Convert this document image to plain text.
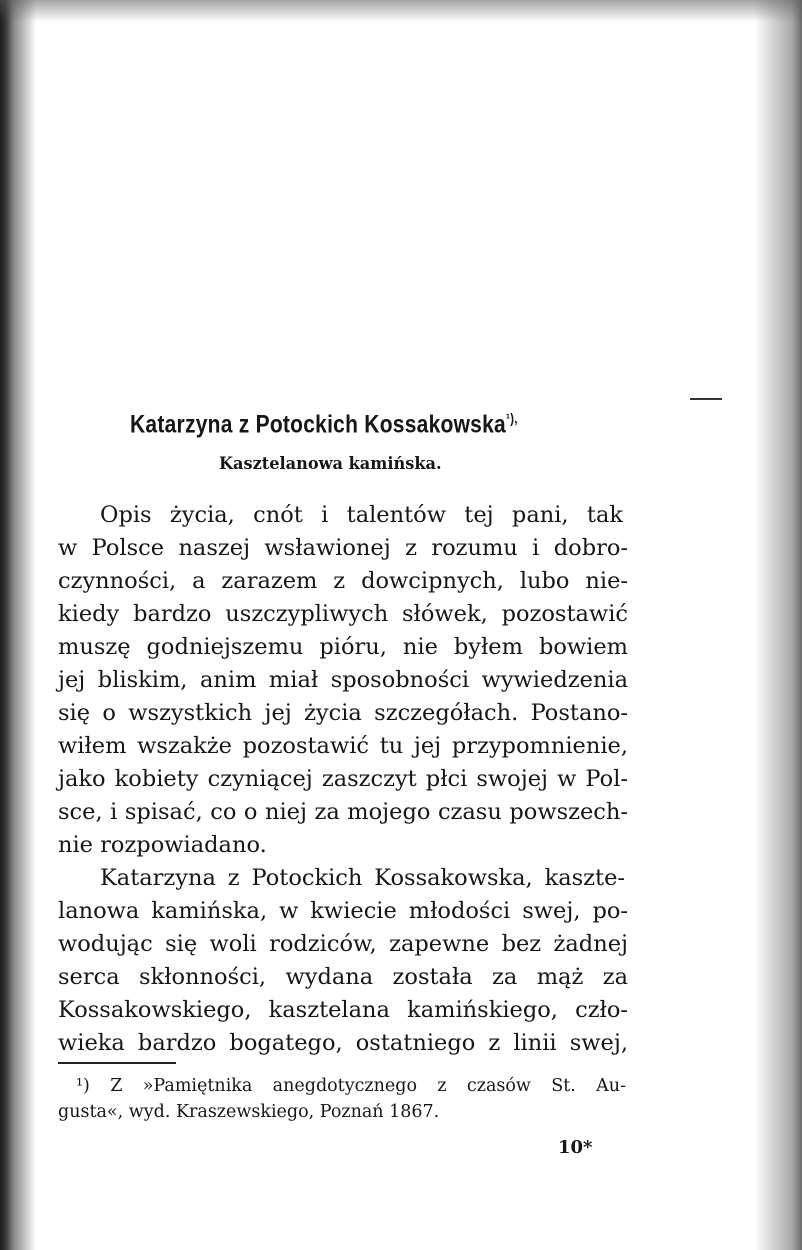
Katarzyna z Potockich Kossakowska$^{^1),}$
Kasztelanowa kamińska.
Opis życia, cnót i talentów tej pani, tak
w Polsce naszej wsławionej z rozumu i dobro-
czynności, a zarazem z dowcipnych, lubo nie-
kiedy bardzo uszczypliwych słówek, pozostawić
muszę godniejszemu pióru, nie byłem bowiem
jej bliskim, anim miał sposobności wywiedzenia
się o wszystkich jej życia szczegółach. Postano-
wiłem wszakże pozostawić tu jej przypomnienie,
jako kobiety czyniącej zaszczyt płci swojej w Pol-
sce, i spisać, co o niej za mojego czasu powszech-
nie rozpowiadano.
Katarzyna z Potockich Kossakowska, kaszte-
lanowa kamińska, w kwiecie młodości swej, po-
wodując się woli rodziców, zapewne bez żadnej
serca skłonności, wydana została za mąż za
Kossakowskiego, kasztelana kamińskiego, czło-
wieka bardzo bogatego, ostatniego z linii swej,
¹) Z »Pamiętnika anegdotycznego z czasów St. Au-
gusta«, wyd. Kraszewskiego, Poznań 1867.
10*
